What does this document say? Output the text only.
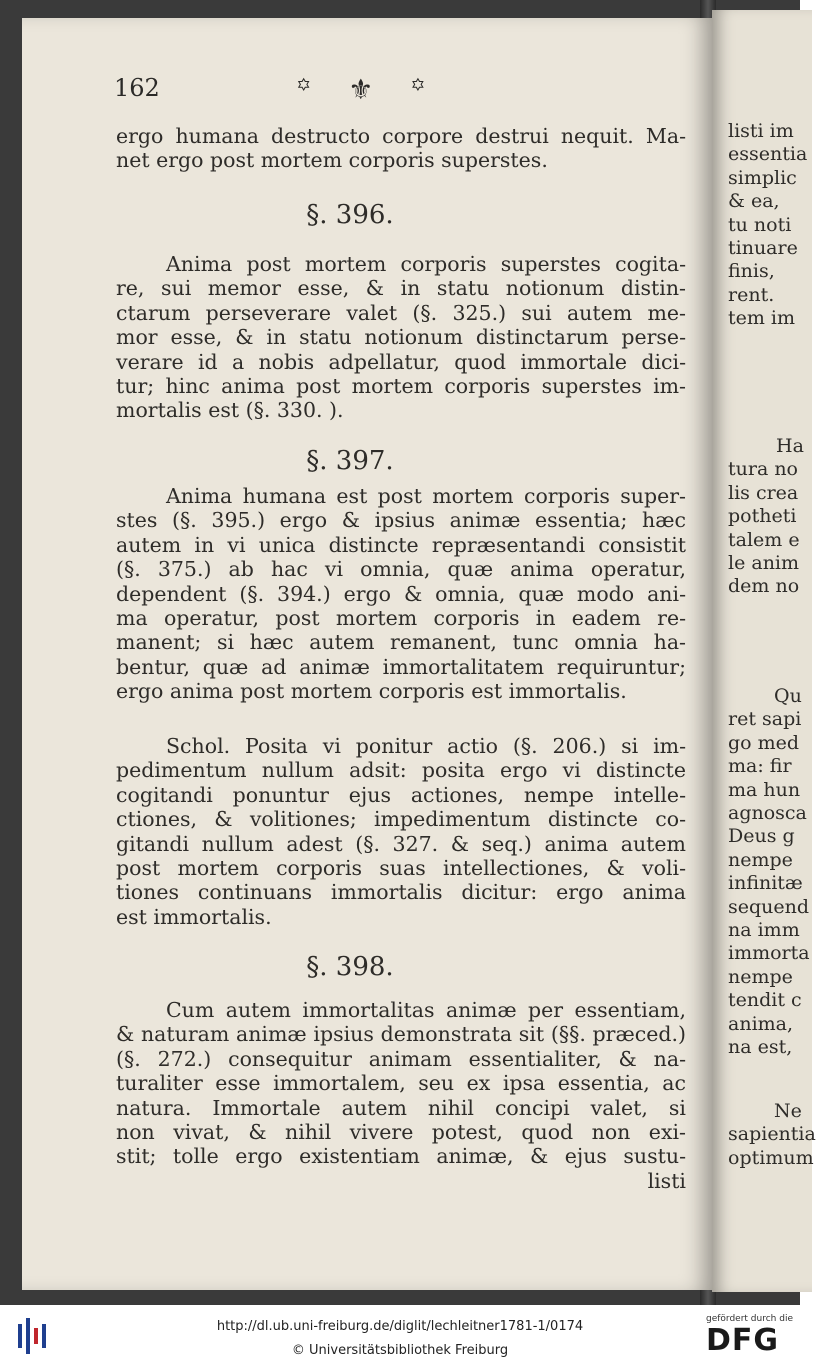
listi im
essentia
simplic
& ea,
tu noti
tinuare
finis,
rent.
tem im
Ha
tura no
lis crea
potheti
talem e
le anim
dem no
Qu
ret sapi
go med
ma: fir
ma hun
agnosca
Deus g
nempe
infinitæ
sequend
na imm
immorta
nempe
tendit c
anima,
na est,
Ne
sapientia
optimum
162	꙳ ⚜ ꙳
ergo humana destructo corpore destrui nequit. Ma-
net ergo post mortem corporis superstes.
§. 396.
Anima post mortem corporis superstes cogita-
re, sui memor esse, & in statu notionum distin-
ctarum perseverare valet (§. 325.) sui autem me-
mor esse, & in statu notionum distinctarum perse-
verare id a nobis adpellatur, quod immortale dici-
tur; hinc anima post mortem corporis superstes im-
mortalis est (§. 330. ).
§. 397.
Anima humana est post mortem corporis super-
stes (§. 395.) ergo & ipsius animæ essentia; hæc
autem in vi unica distincte repræsentandi consistit
(§. 375.) ab hac vi omnia, quæ anima operatur,
dependent (§. 394.) ergo & omnia, quæ modo ani-
ma operatur, post mortem corporis in eadem re-
manent; si hæc autem remanent, tunc omnia ha-
bentur, quæ ad animæ immortalitatem requiruntur;
ergo anima post mortem corporis est immortalis.
Schol. Posita vi ponitur actio (§. 206.) si im-
pedimentum nullum adsit: posita ergo vi distincte
cogitandi ponuntur ejus actiones, nempe intelle-
ctiones, & volitiones; impedimentum distincte co-
gitandi nullum adest (§. 327. & seq.) anima autem
post mortem corporis suas intellectiones, & voli-
tiones continuans immortalis dicitur: ergo anima
est immortalis.
§. 398.
Cum autem immortalitas animæ per essentiam,
& naturam animæ ipsius demonstrata sit (§§. præced.)
(§. 272.) consequitur animam essentialiter, & na-
turaliter esse immortalem, seu ex ipsa essentia, ac
natura. Immortale autem nihil concipi valet, si
non vivat, & nihil vivere potest, quod non exi-
stit; tolle ergo existentiam animæ, & ejus sustu-
listi
http://dl.ub.uni-freiburg.de/diglit/lechleitner1781-1/0174
© Universitätsbibliothek Freiburg
gefördert durch die
DFG
